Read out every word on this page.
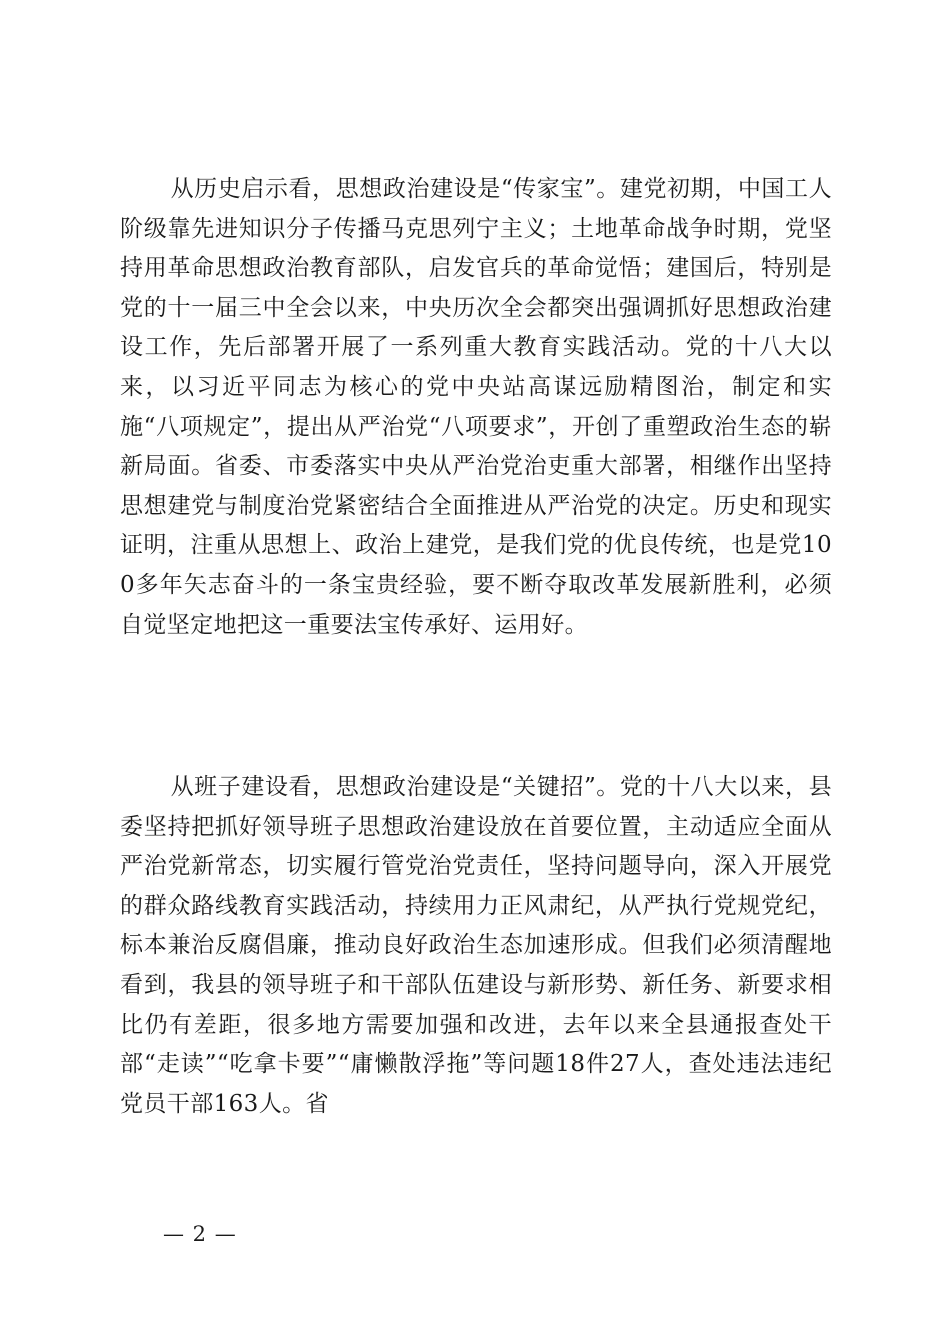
从历史启示看，思想政治建设是“传家宝”。建党初期，中国工人阶级靠先进知识分子传播马克思列宁主义；土地革命战争时期，党坚持用革命思想政治教育部队，启发官兵的革命觉悟；建国后，特别是党的十一届三中全会以来，中央历次全会都突出强调抓好思想政治建设工作，先后部署开展了一系列重大教育实践活动。党的十八大以来，以习近平同志为核心的党中央站高谋远励精图治，制定和实施“八项规定”，提出从严治党“八项要求”，开创了重塑政治生态的崭新局面。省委、市委落实中央从严治党治吏重大部署，相继作出坚持思想建党与制度治党紧密结合全面推进从严治党的决定。历史和现实证明，注重从思想上、政治上建党，是我们党的优良传统，也是党100多年矢志奋斗的一条宝贵经验，要不断夺取改革发展新胜利，必须自觉坚定地把这一重要法宝传承好、运用好。

从班子建设看，思想政治建设是“关键招”。党的十八大以来，县委坚持把抓好领导班子思想政治建设放在首要位置，主动适应全面从严治党新常态，切实履行管党治党责任，坚持问题导向，深入开展党的群众路线教育实践活动，持续用力正风肃纪，从严执行党规党纪，标本兼治反腐倡廉，推动良好政治生态加速形成。但我们必须清醒地看到，我县的领导班子和干部队伍建设与新形势、新任务、新要求相比仍有差距，很多地方需要加强和改进，去年以来全县通报查处干部“走读”“吃拿卡要”“庸懒散浮拖”等问题18件27人，查处违法违纪党员干部163人。省

— 2 —
